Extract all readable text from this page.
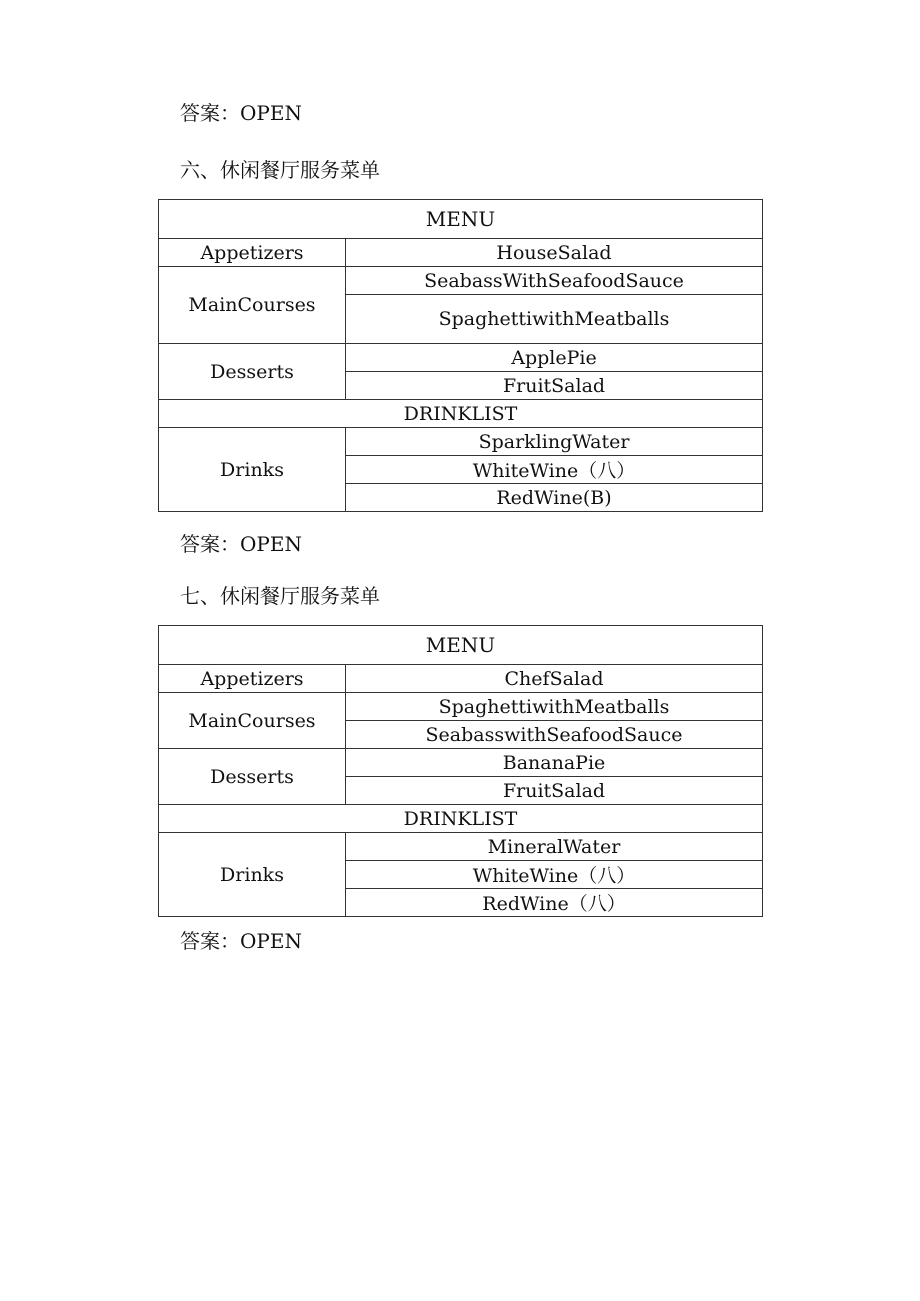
答案：OPEN
六、休闲餐厅服务菜单
MENU	
Appetizers	HouseSalad
MainCourses	SeabassWithSeafoodSauce
	SpaghettiwithMeatballs
Desserts	ApplePie
	FruitSalad
DRINKLIST	
Drinks	SparklingWater
	WhiteWine（八）
	RedWine(B)
答案：OPEN
七、休闲餐厅服务菜单
MENU	
Appetizers	ChefSalad
MainCourses	SpaghettiwithMeatballs
	SeabasswithSeafoodSauce
Desserts	BananaPie
	FruitSalad
DRINKLIST	
Drinks	MineralWater
	WhiteWine（八）
	RedWine（八）
答案：OPEN
